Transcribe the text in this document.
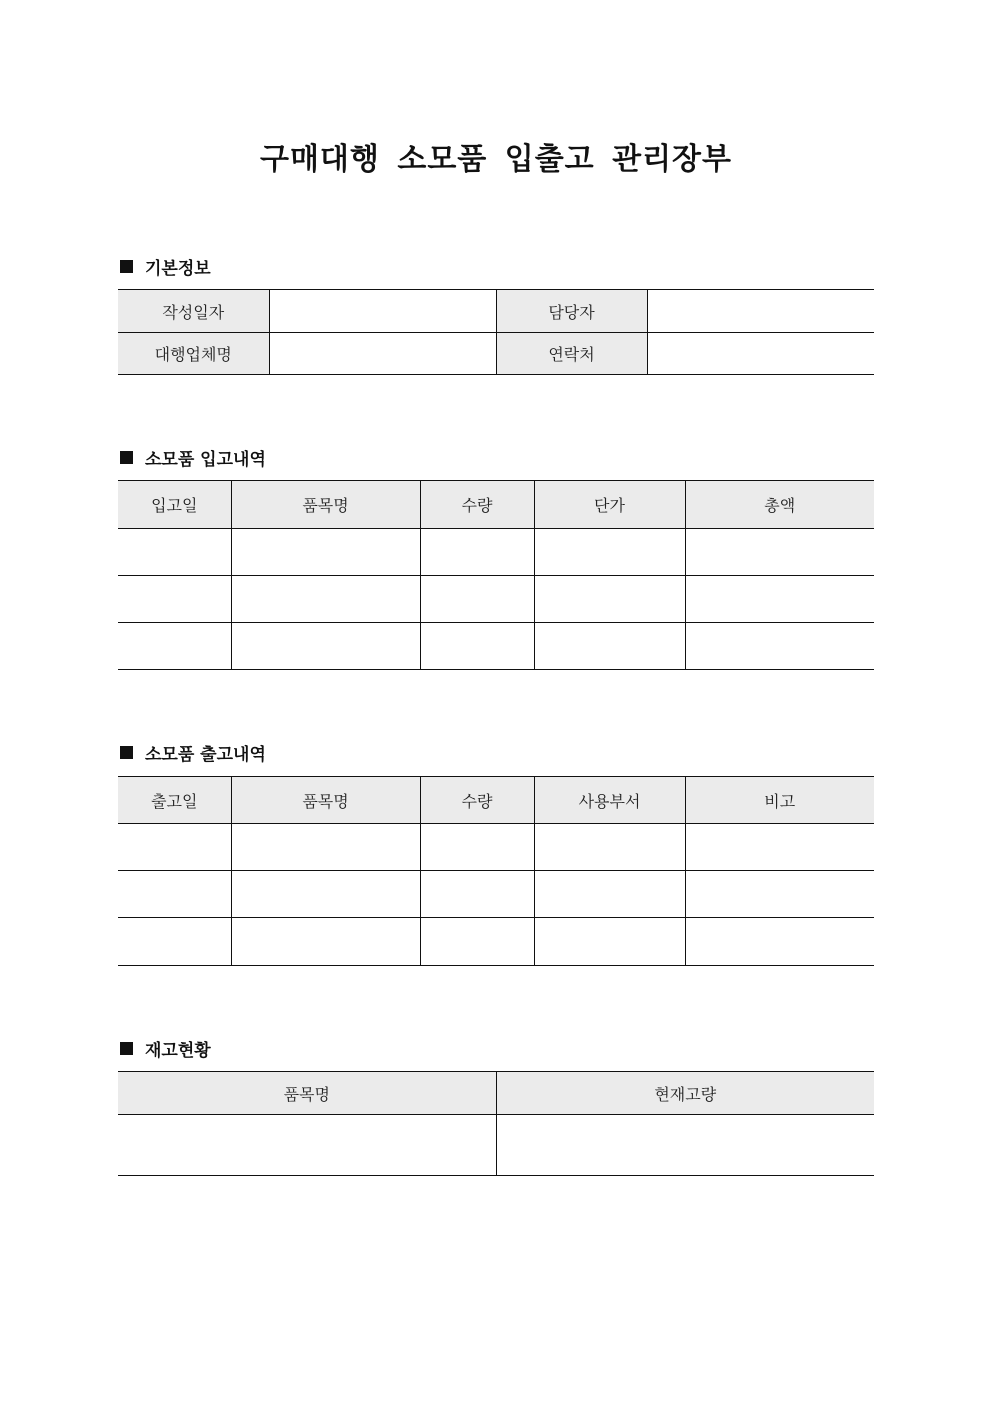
구매대행 소모품 입출고 관리장부
기본정보
작성일자		담당자	
대행업체명		연락처	
소모품 입고내역
입고일	품목명	수량	단가	총액

소모품 출고내역
출고일	품목명	수량	사용부서	비고

재고현황
품목명	현재고량
